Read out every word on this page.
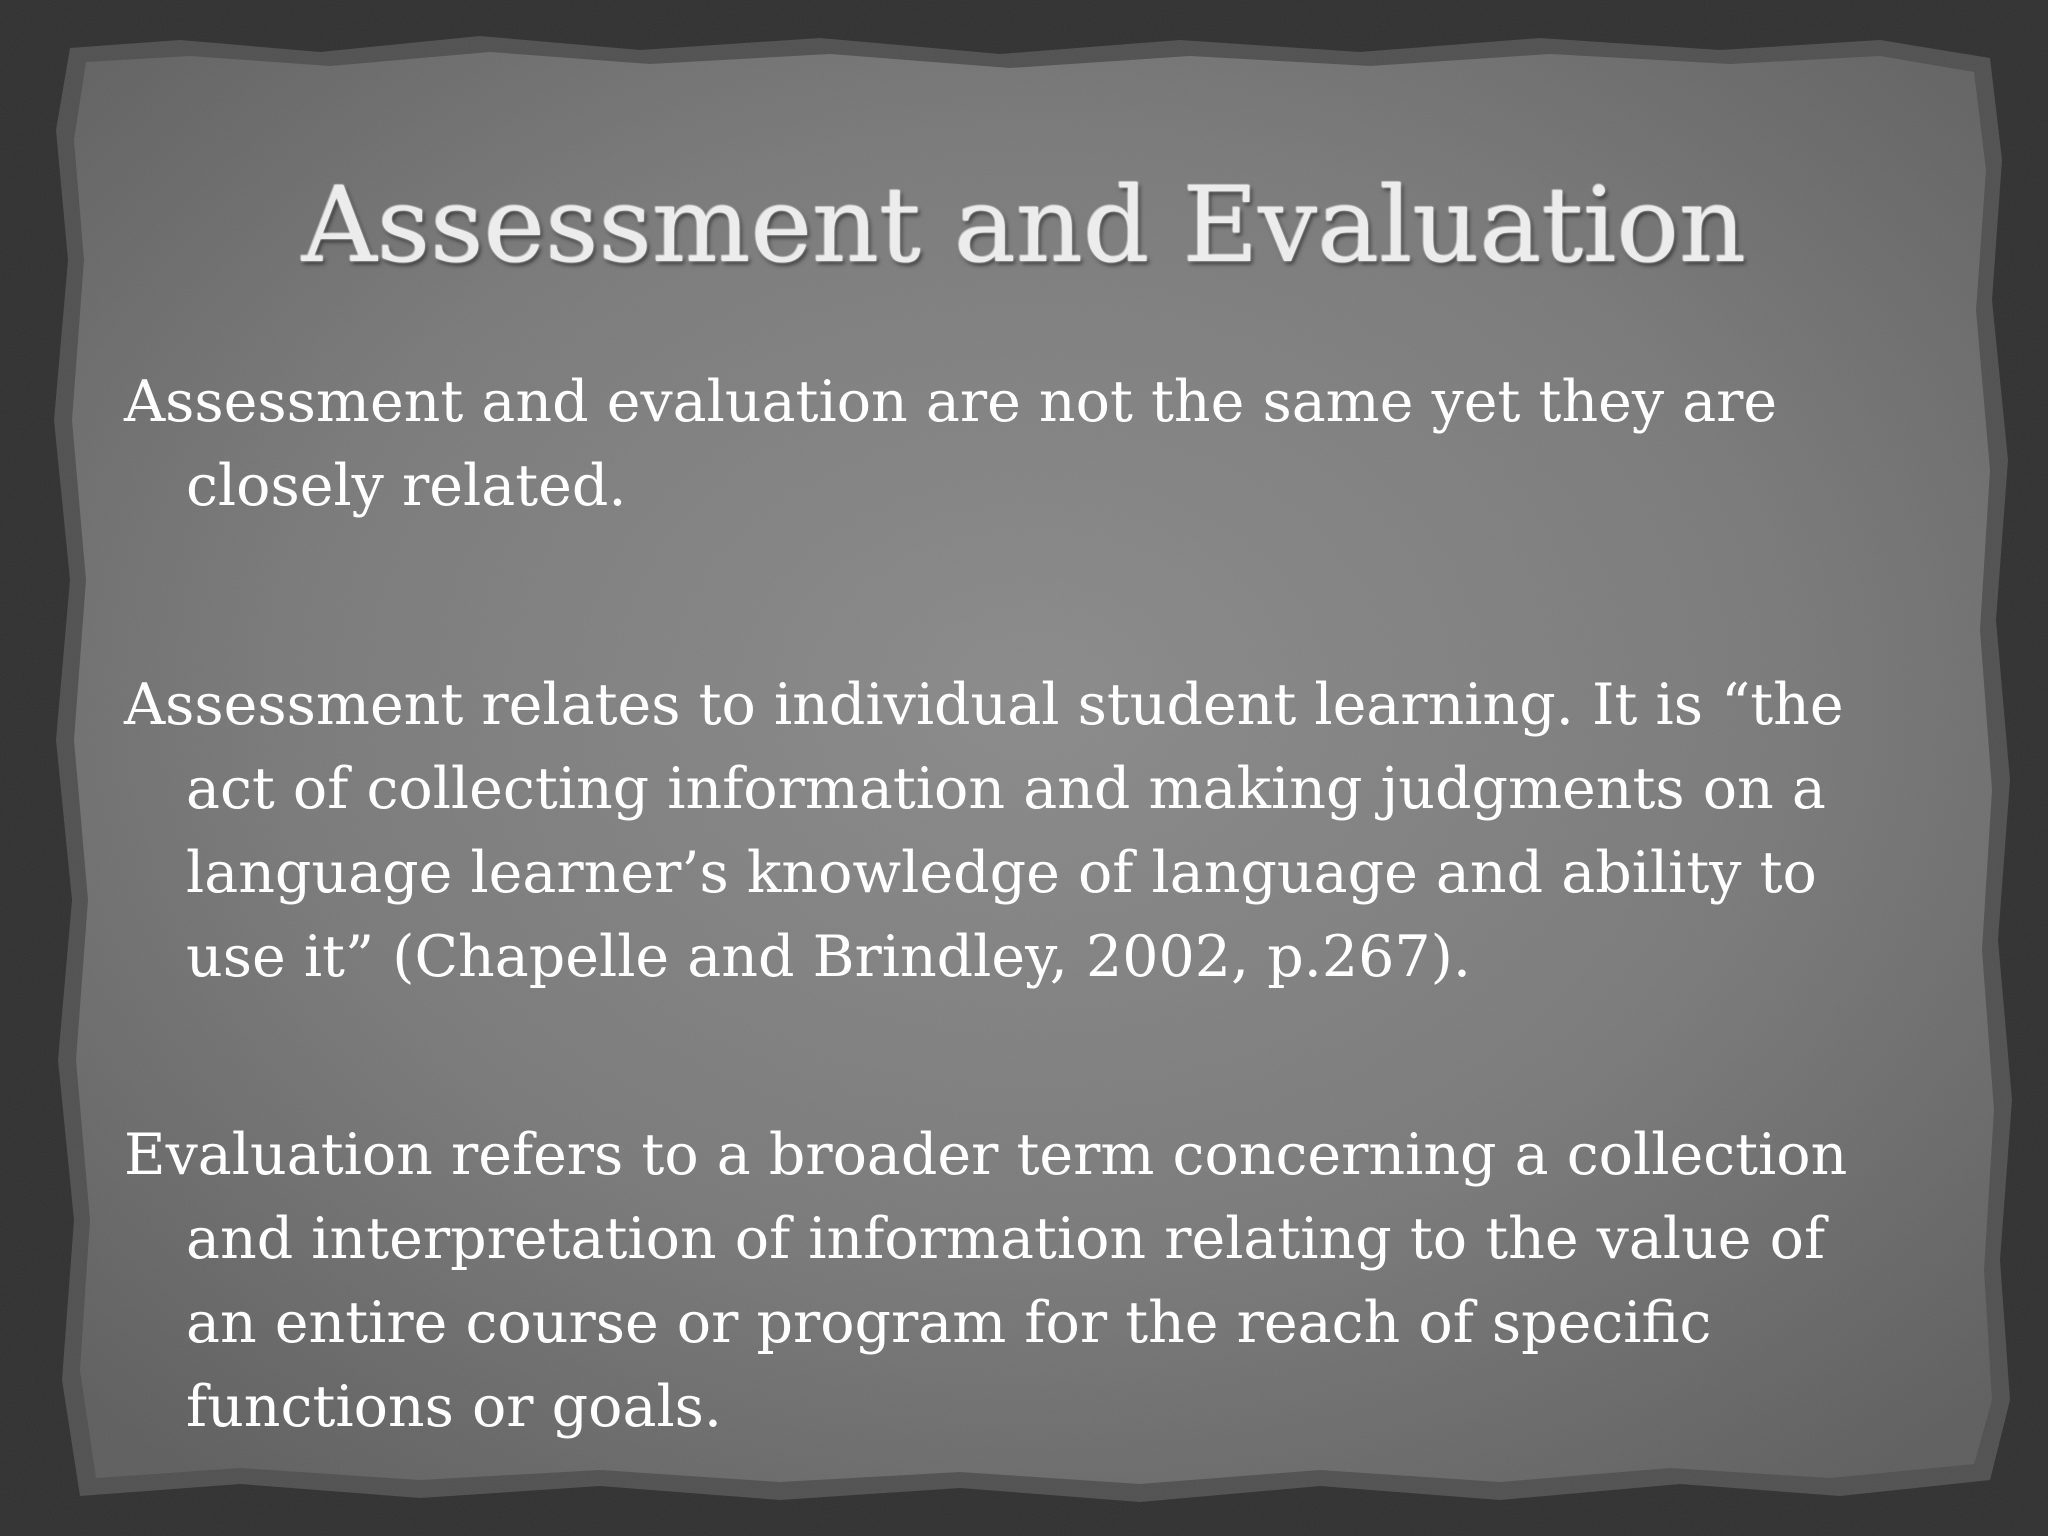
Assessment and Evaluation

Assessment and evaluation are not the same yet they are closely related.

Assessment relates to individual student learning. It is “the act of collecting information and making judgments on a language learner’s knowledge of language and ability to use it” (Chapelle and Brindley, 2002, p.267).

Evaluation refers to a broader term concerning a collection and interpretation of information relating to the value of an entire course or program for the reach of specific functions or goals.
